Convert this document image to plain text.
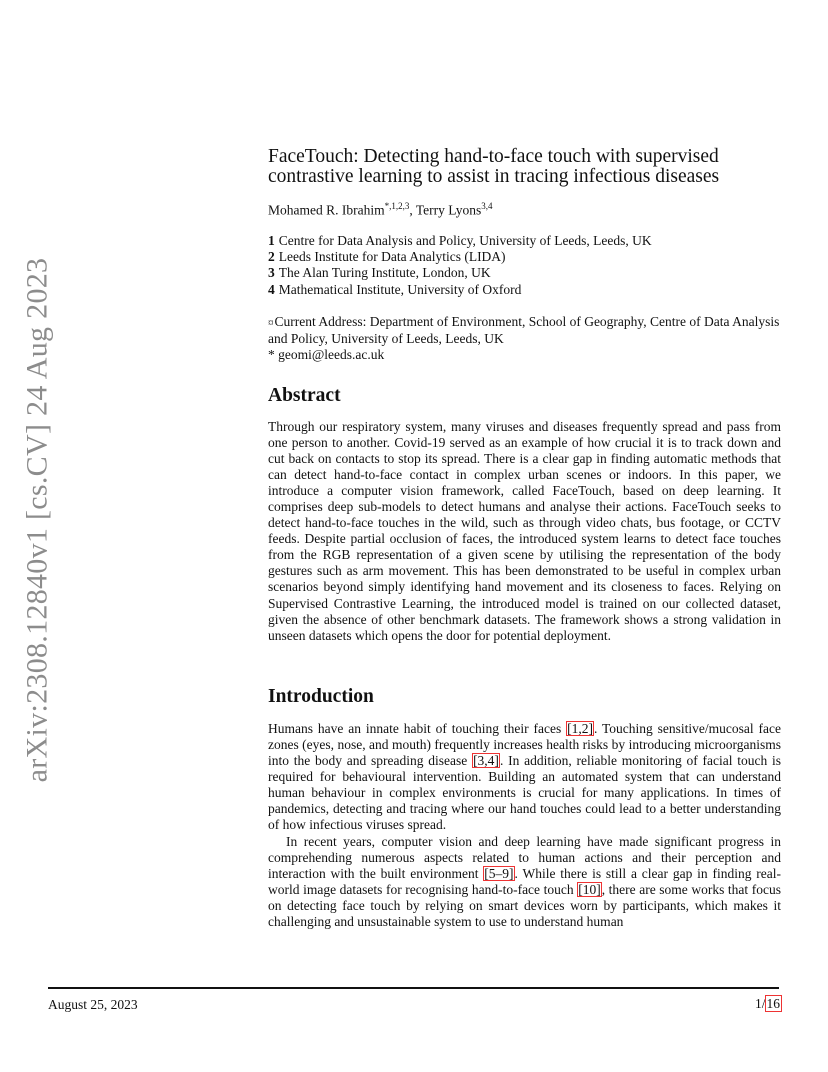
arXiv:2308.12840v1 [cs.CV] 24 Aug 2023
FaceTouch: Detecting hand-to-face touch with supervised contrastive learning to assist in tracing infectious diseases
Mohamed R. Ibrahim$^{*,1,2,3}$, Terry Lyons$^{3,4}$
1 Centre for Data Analysis and Policy, University of Leeds, Leeds, UK
2 Leeds Institute for Data Analytics (LIDA)
3 The Alan Turing Institute, London, UK
4 Mathematical Institute, University of Oxford
¤Current Address: Department of Environment, School of Geography, Centre of Data Analysis and Policy, University of Leeds, Leeds, UK
* geomi@leeds.ac.uk
Abstract

Through our respiratory system, many viruses and diseases frequently spread and pass from one person to another. Covid-19 served as an example of how crucial it is to track down and cut back on contacts to stop its spread. There is a clear gap in finding automatic methods that can detect hand-to-face contact in complex urban scenes or indoors. In this paper, we introduce a computer vision framework, called FaceTouch, based on deep learning. It comprises deep sub-models to detect humans and analyse their actions. FaceTouch seeks to detect hand-to-face touches in the wild, such as through video chats, bus footage, or CCTV feeds. Despite partial occlusion of faces, the introduced system learns to detect face touches from the RGB representation of a given scene by utilising the representation of the body gestures such as arm movement. This has been demonstrated to be useful in complex urban scenarios beyond simply identifying hand movement and its closeness to faces. Relying on Supervised Contrastive Learning, the introduced model is trained on our collected dataset, given the absence of other benchmark datasets. The framework shows a strong validation in unseen datasets which opens the door for potential deployment.

Introduction

Humans have an innate habit of touching their faces [1,2]. Touching sensitive/mucosal face zones (eyes, nose, and mouth) frequently increases health risks by introducing microorganisms into the body and spreading disease [3,4]. In addition, reliable monitoring of facial touch is required for behavioural intervention. Building an automated system that can understand human behaviour in complex environments is crucial for many applications. In times of pandemics, detecting and tracing where our hand touches could lead to a better understanding of how infectious viruses spread.

In recent years, computer vision and deep learning have made significant progress in comprehending numerous aspects related to human actions and their perception and interaction with the built environment [5–9]. While there is still a clear gap in finding real-world image datasets for recognising hand-to-face touch [10], there are some works that focus on detecting face touch by relying on smart devices worn by participants, which makes it challenging and unsustainable system to use to understand human

August 25, 2023	1/16
